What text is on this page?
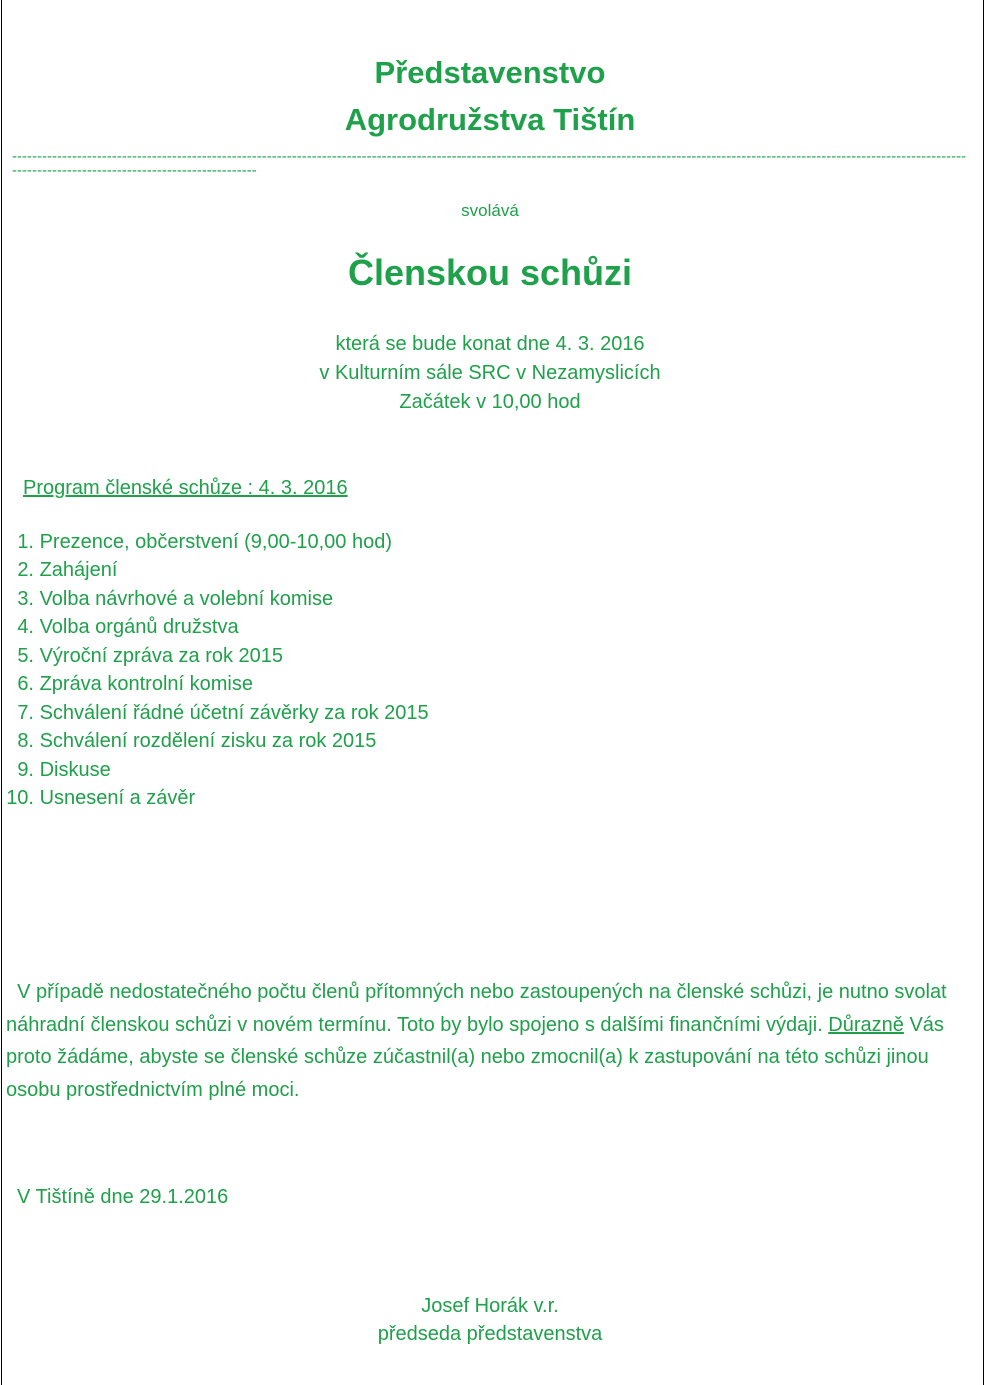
Představenstvo
Agrodružstva Tištín
------------------------------------------------------------------------------------------------------------------------------------------------------------------------------------------------------------------------------------------------
svolává
Členskou schůzi
která se bude konat dne 4. 3. 2016
v Kulturním sále SRC v Nezamyslicích
Začátek v 10,00 hod
Program členské schůze : 4. 3. 2016
1. Prezence, občerstvení (9,00-10,00 hod)
2. Zahájení
3. Volba návrhové a volební komise
4. Volba orgánů družstva
5. Výroční zpráva za rok 2015
6. Zpráva kontrolní komise
7. Schválení řádné účetní závěrky za rok 2015
8. Schválení rozdělení zisku za rok 2015
9. Diskuse
10. Usnesení a závěr
V případě nedostatečného počtu členů přítomných nebo zastoupených na členské schůzi, je nutno svolat náhradní členskou schůzi v novém termínu. Toto by bylo spojeno s dalšími finančními výdaji. Důrazně Vás proto žádáme, abyste se členské schůze zúčastnil(a) nebo zmocnil(a) k zastupování na této schůzi jinou osobu prostřednictvím plné moci.
V Tištíně dne 29.1.2016
Josef Horák v.r.
předseda představenstva
